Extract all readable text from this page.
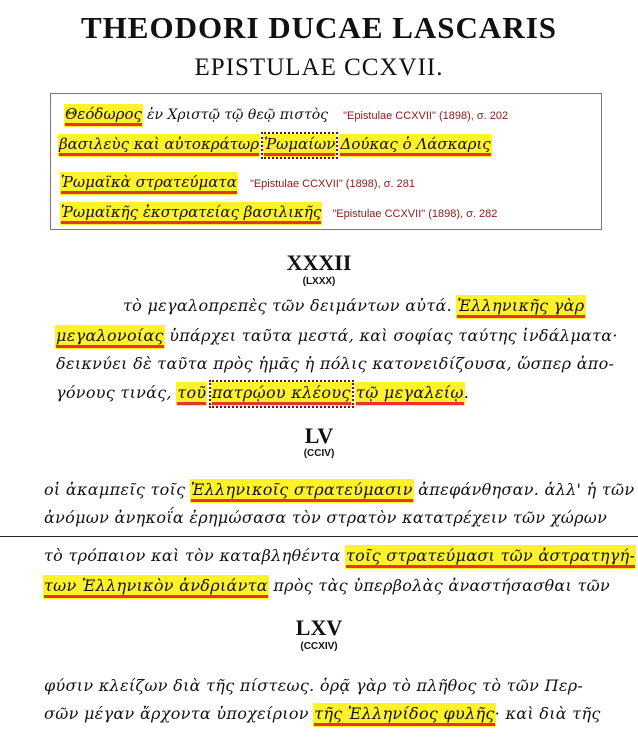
THEODORI DUCAE LASCARIS
EPISTULAE CCXVII.
Θεόδωρος ἐν Χριστῷ τῷ θεῷ πιστὸς "Epistulae CCXVII" (1898), σ. 202
βασιλεὺς καὶ αὐτοκράτωρ Ῥωμαίων Δούκας ὁ Λάσκαρις
Ῥωμαϊκὰ στρατεύματα "Epistulae CCXVII" (1898), σ. 281
Ῥωμαϊκῆς ἐκστρατείας βασιλικῆς "Epistulae CCXVII" (1898), σ. 282
XXXII
(LXXX)
τὸ μεγαλοπρεπὲς τῶν δειμάντων αὐτά. Ἑλληνικῆς γὰρ
μεγαλονοίας ὑπάρχει ταῦτα μεστά, καὶ σοφίας ταύτης ἰνδάλματα·
δεικνύει δὲ ταῦτα πρὸς ἡμᾶς ἡ πόλις κατονειδίζουσα, ὥσπερ ἀπο-
γόνους τινάς, τοῦ πατρῴου κλέους τῷ μεγαλείῳ.
LV
(CCIV)
οἱ ἀκαμπεῖς τοῖς Ἑλληνικοῖς στρατεύμασιν ἀπεφάνθησαν. ἀλλ' ἡ τῶν
ἀνόμων ἀνηκοΐα ἐρημώσασα τὸν στρατὸν κατατρέχειν τῶν χώρων
τὸ τρόπαιον καὶ τὸν καταβληθέντα τοῖς στρατεύμασι τῶν ἀστρατηγή-
των Ἑλληνικὸν ἀνδριάντα πρὸς τὰς ὑπερβολὰς ἀναστήσασθαι τῶν
LXV
(CCXIV)
φύσιν κλείζων διὰ τῆς πίστεως. ὁρᾷ γὰρ τὸ πλῆθος τὸ τῶν Περ-
σῶν μέγαν ἄρχοντα ὑποχείριον τῆς Ἑλληνίδος φυλῆς· καὶ διὰ τῆς
